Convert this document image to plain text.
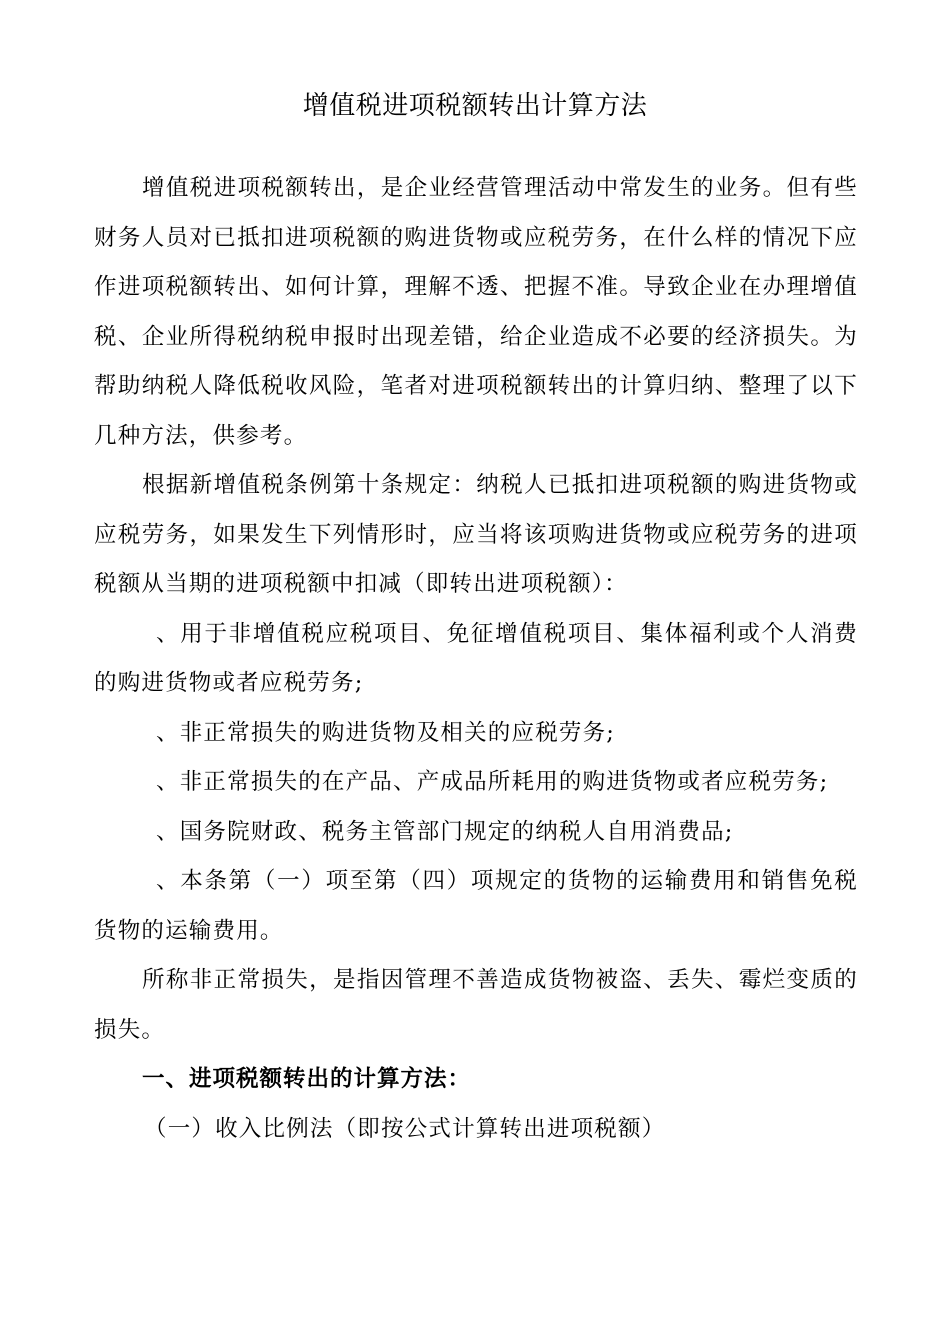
增值税进项税额转出计算方法

增值税进项税额转出，是企业经营管理活动中常发生的业务。但有些财务人员对已抵扣进项税额的购进货物或应税劳务，在什么样的情况下应作进项税额转出、如何计算，理解不透、把握不准。导致企业在办理增值税、企业所得税纳税申报时出现差错，给企业造成不必要的经济损失。为帮助纳税人降低税收风险，笔者对进项税额转出的计算归纳、整理了以下几种方法，供参考。

根据新增值税条例第十条规定：纳税人已抵扣进项税额的购进货物或应税劳务，如果发生下列情形时，应当将该项购进货物或应税劳务的进项税额从当期的进项税额中扣减（即转出进项税额）：

、用于非增值税应税项目、免征增值税项目、集体福利或个人消费的购进货物或者应税劳务;

、非正常损失的购进货物及相关的应税劳务;

、非正常损失的在产品、产成品所耗用的购进货物或者应税劳务;

、国务院财政、税务主管部门规定的纳税人自用消费品;

、本条第（一）项至第（四）项规定的货物的运输费用和销售免税货物的运输费用。

所称非正常损失，是指因管理不善造成货物被盗、丢失、霉烂变质的损失。

一、进项税额转出的计算方法：

（一）收入比例法（即按公式计算转出进项税额）
